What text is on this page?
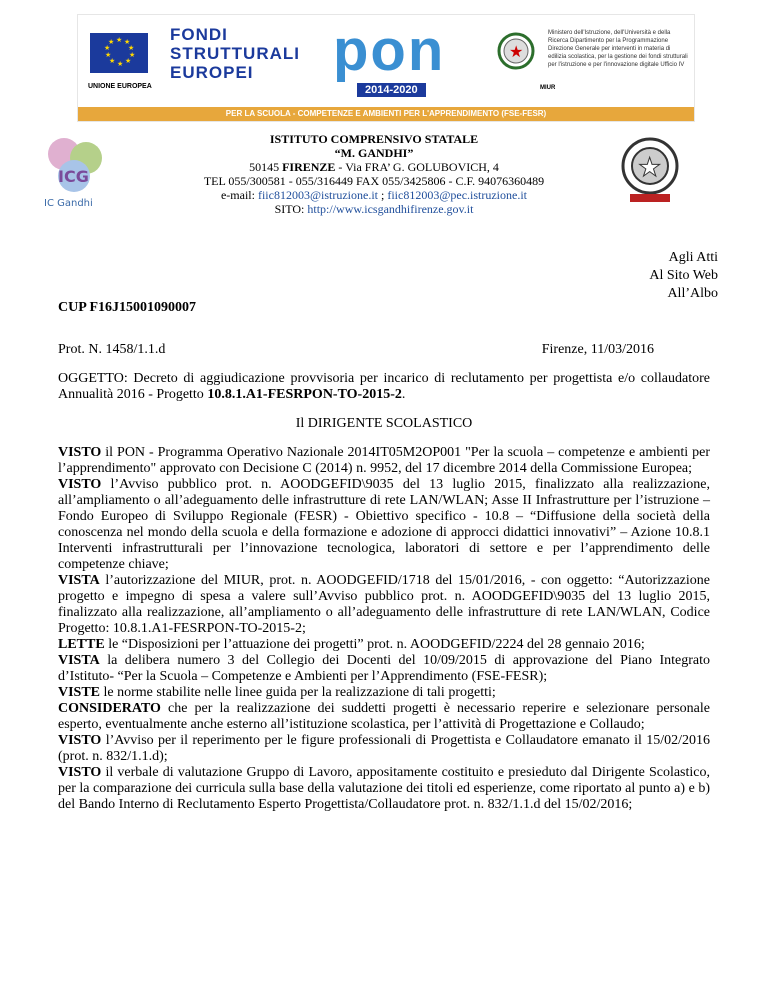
★ ★
★
★
★
★
★
★
★
★
UNIONE EUROPEA
FONDI
STRUTTURALI
EUROPEI	pon
2014-2020
★
MIUR
Ministero dell'Istruzione, dell'Università e della Ricerca Dipartimento per la Programmazione Direzione Generale per interventi in materia di edilizia scolastica, per la gestione dei fondi strutturali per l'istruzione e per l'innovazione digitale Ufficio IV
PER LA SCUOLA - COMPETENZE E AMBIENTI PER L'APPRENDIMENTO (FSE-FESR)
ICG
IC Gandhi
ISTITUTO COMPRENSIVO STATALE
“M. GANDHI”
50145 FIRENZE - Via FRA’ G. GOLUBOVICH, 4
TEL 055/300581 - 055/316449 FAX 055/3425806 - C.F. 94076360489
e-mail: fiic812003@istruzione.it ; fiic812003@pec.istruzione.it
SITO: http://www.icsgandhifirenze.gov.it
★
Agli Atti
Al Sito Web
All’Albo

CUP F16J15001090007

Prot. N. 1458/1.1.d	Firenze, 11/03/2016

OGGETTO: Decreto di aggiudicazione provvisoria per incarico di reclutamento per progettista e/o collaudatore Annualità 2016 - Progetto 10.8.1.A1-FESRPON-TO-2015-2.

Il DIRIGENTE SCOLASTICO

VISTO il PON - Programma Operativo Nazionale 2014IT05M2OP001 "Per la scuola – competenze e ambienti per l’apprendimento" approvato con Decisione C (2014) n. 9952, del 17 dicembre 2014 della Commissione Europea;

VISTO l’Avviso pubblico prot. n. AOODGEFID\9035 del 13 luglio 2015, finalizzato alla realizzazione, all’ampliamento o all’adeguamento delle infrastrutture di rete LAN/WLAN; Asse II Infrastrutture per l’istruzione – Fondo Europeo di Sviluppo Regionale (FESR) - Obiettivo specifico - 10.8 – “Diffusione della società della conoscenza nel mondo della scuola e della formazione e adozione di approcci didattici innovativi” – Azione 10.8.1 Interventi infrastrutturali per l’innovazione tecnologica, laboratori di settore e per l’apprendimento delle competenze chiave;

VISTA l’autorizzazione del MIUR, prot. n. AOODGEFID/1718 del 15/01/2016, - con oggetto: “Autorizzazione progetto e impegno di spesa a valere sull’Avviso pubblico prot. n. AOODGEFID\9035 del 13 luglio 2015, finalizzato alla realizzazione, all’ampliamento o all’adeguamento delle infrastrutture di rete LAN/WLAN, Codice Progetto: 10.8.1.A1-FESRPON-TO-2015-2;

LETTE le “Disposizioni per l’attuazione dei progetti” prot. n. AOODGEFID/2224 del 28 gennaio 2016;

VISTA la delibera numero 3 del Collegio dei Docenti del 10/09/2015 di approvazione del Piano Integrato d’Istituto- “Per la Scuola – Competenze e Ambienti per l’Apprendimento (FSE-FESR);

VISTE le norme stabilite nelle linee guida per la realizzazione di tali progetti;

CONSIDERATO che per la realizzazione dei suddetti progetti è necessario reperire e selezionare personale esperto, eventualmente anche esterno all’istituzione scolastica, per l’attività di Progettazione e Collaudo;

VISTO l’Avviso per il reperimento per le figure professionali di Progettista e Collaudatore emanato il 15/02/2016 (prot. n. 832/1.1.d);

VISTO il verbale di valutazione Gruppo di Lavoro, appositamente costituito e presieduto dal Dirigente Scolastico, per la comparazione dei curricula sulla base della valutazione dei titoli ed esperienze, come riportato al punto a) e b) del Bando Interno di Reclutamento Esperto Progettista/Collaudatore prot. n. 832/1.1.d del 15/02/2016;
